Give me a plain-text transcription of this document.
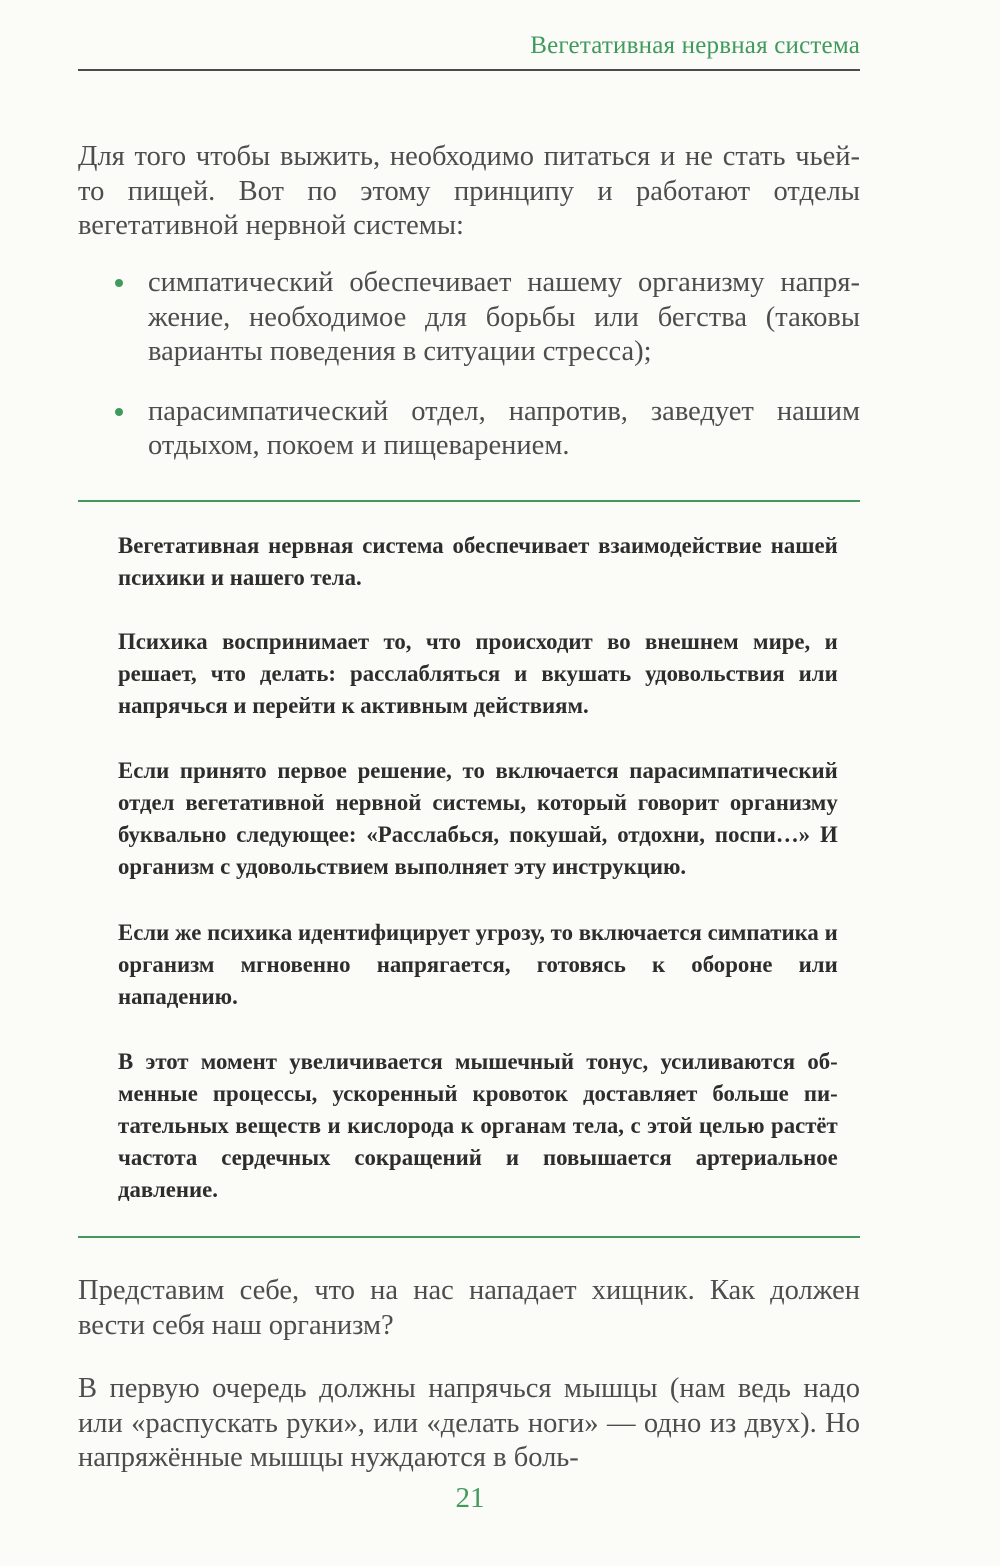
Вегетативная нервная система

Для того чтобы выжить, необходимо питаться и не стать чьей-то пищей. Вот по этому принципу и работают отделы вегетативной нервной системы:

симпатический обеспечивает нашему организму напряжение, необходимое для борьбы или бегства (таковы варианты поведения в ситуации стресса);
парасимпатический отдел, напротив, заведует нашим отдыхом, покоем и пищеварением.

Вегетативная нервная система обеспечивает взаимодействие нашей психики и нашего тела.

Психика воспринимает то, что происходит во внешнем мире, и решает, что делать: расслабляться и вкушать удовольствия или напрячься и перейти к активным действиям.

Если принято первое решение, то включается парасимпатический отдел вегетативной нервной системы, который говорит организму буквально следующее: «Расслабься, покушай, отдохни, поспи…» И организм с удовольствием выполняет эту инструкцию.

Если же психика идентифицирует угрозу, то включается симпатика и организм мгновенно напрягается, готовясь к обороне или нападению.

В этот момент увеличивается мышечный тонус, усиливаются обменные процессы, ускоренный кровоток доставляет больше питательных веществ и кислорода к органам тела, с этой целью растёт частота сердечных сокращений и повышается артериальное давление.

Представим себе, что на нас нападает хищник. Как должен вести себя наш организм?

В первую очередь должны напрячься мышцы (нам ведь надо или «распускать руки», или «делать ноги» — одно из двух). Но напряжённые мышцы нуждаются в боль-

21
